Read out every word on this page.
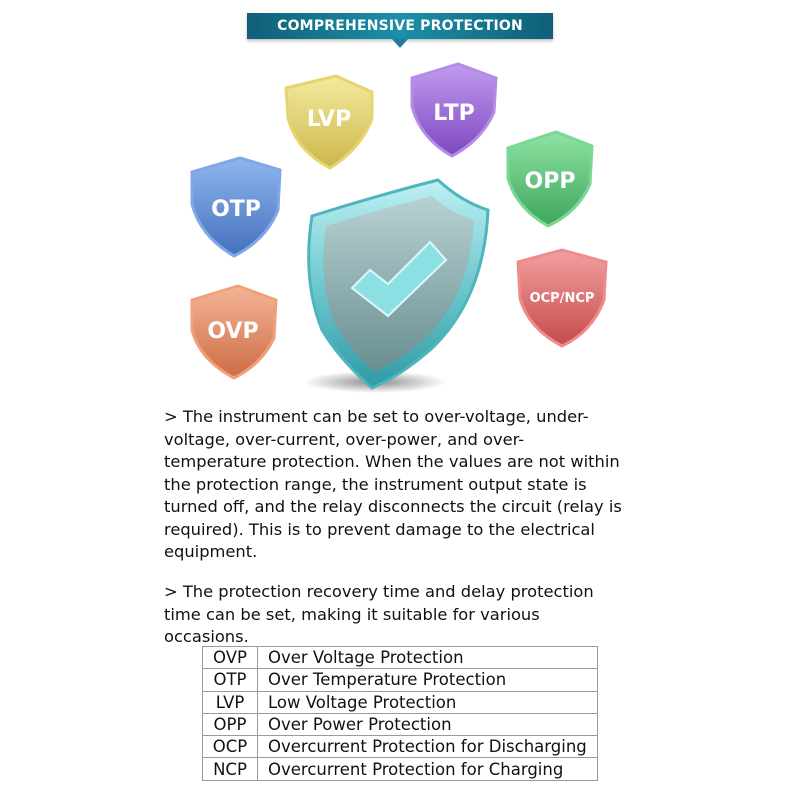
COMPREHENSIVE PROTECTION
LVP	LTP
OTP
OPP
OCP/NCP
OVP

> The instrument can be set to over-voltage, under-voltage, over-current, over-power, and over-temperature protection. When the values are not within the protection range, the instrument output state is turned off, and the relay disconnects the circuit (relay is required). This is to prevent damage to the electrical equipment.

> The protection recovery time and delay protection time can be set, making it suitable for various occasions.

OVP	Over Voltage Protection
OTP	Over Temperature Protection
LVP	Low Voltage Protection
OPP	Over Power Protection
OCP	Overcurrent Protection for Discharging
NCP	Overcurrent Protection for Charging
